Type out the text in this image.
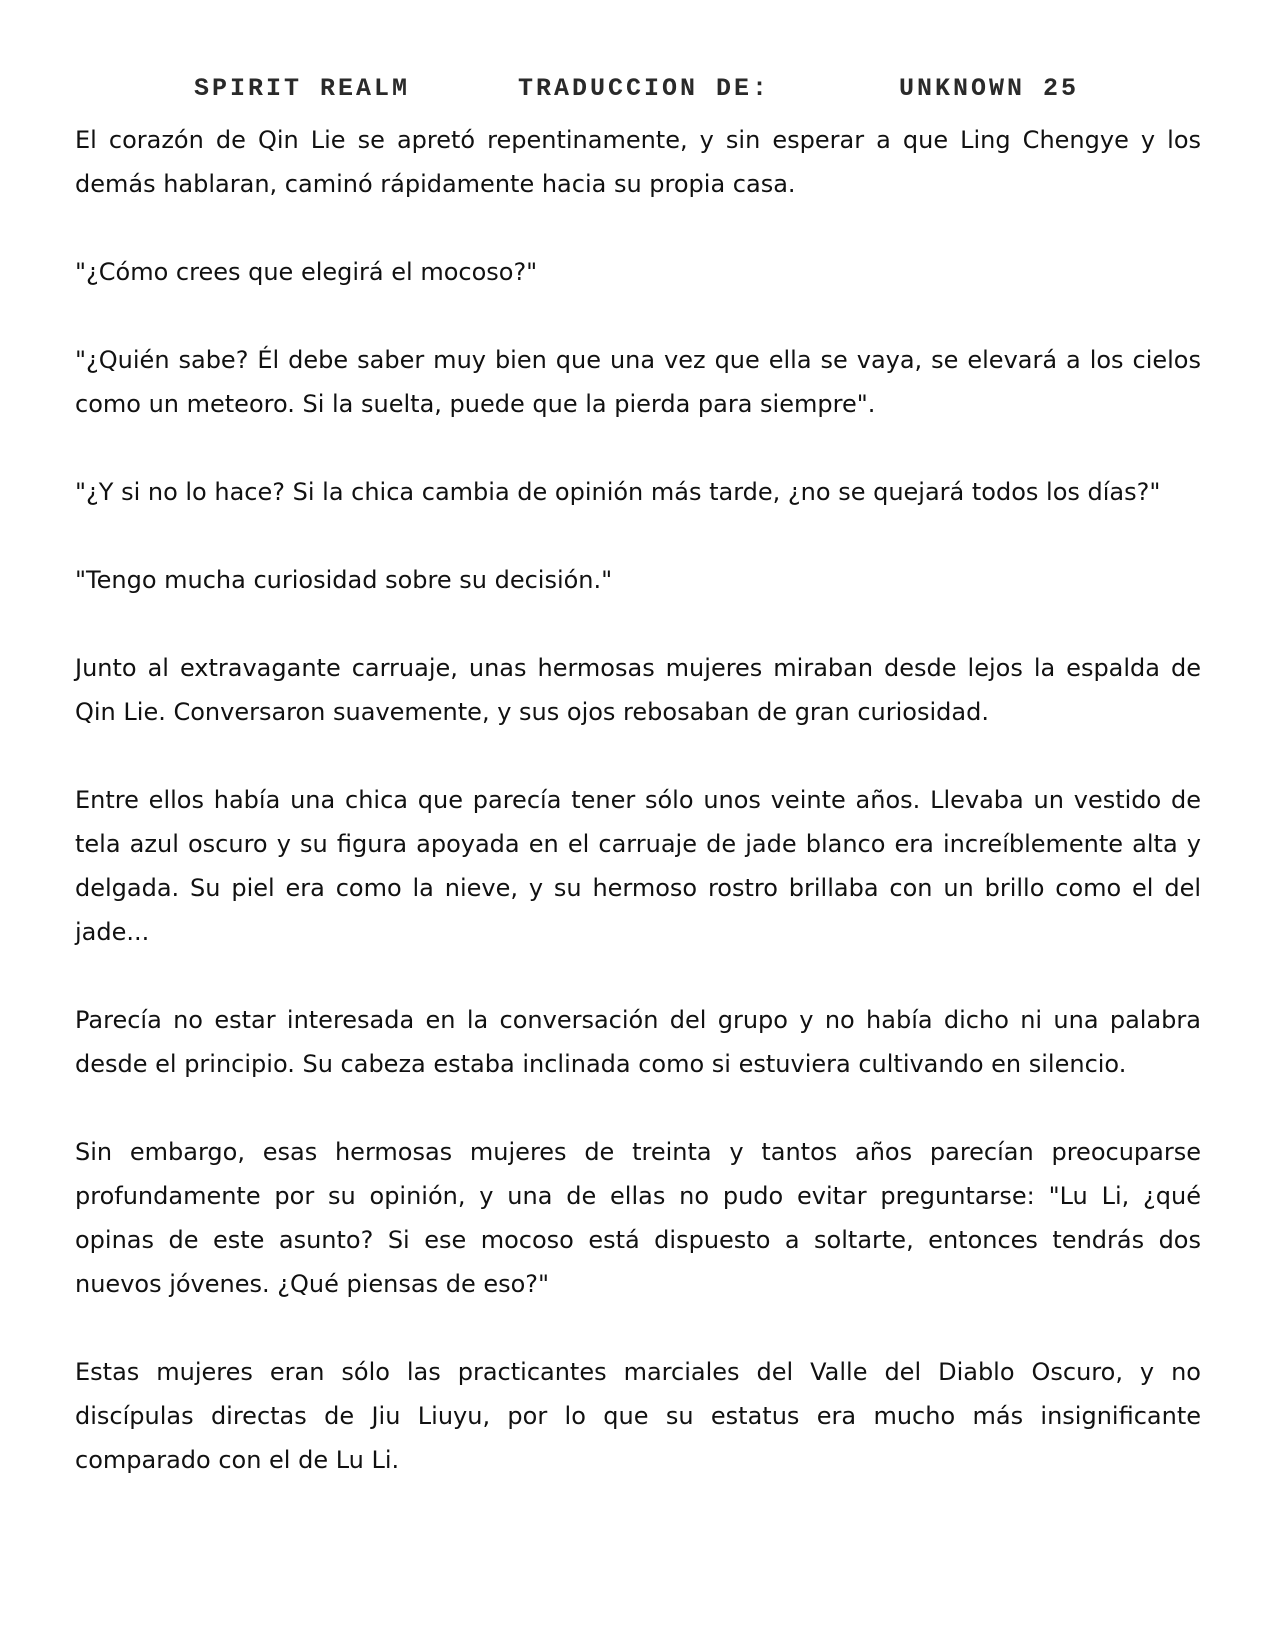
SPIRIT REALM	TRADUCCION DE:	UNKNOWN 25

El corazón de Qin Lie se apretó repentinamente, y sin esperar a que Ling Chengye y los demás hablaran, caminó rápidamente hacia su propia casa.

"¿Cómo crees que elegirá el mocoso?"

"¿Quién sabe? Él debe saber muy bien que una vez que ella se vaya, se elevará a los cielos como un meteoro. Si la suelta, puede que la pierda para siempre".

"¿Y si no lo hace? Si la chica cambia de opinión más tarde, ¿no se quejará todos los días?"

"Tengo mucha curiosidad sobre su decisión."

Junto al extravagante carruaje, unas hermosas mujeres miraban desde lejos la espalda de Qin Lie. Conversaron suavemente, y sus ojos rebosaban de gran curiosidad.

Entre ellos había una chica que parecía tener sólo unos veinte años. Llevaba un vestido de tela azul oscuro y su figura apoyada en el carruaje de jade blanco era increíblemente alta y delgada. Su piel era como la nieve, y su hermoso rostro brillaba con un brillo como el del jade...

Parecía no estar interesada en la conversación del grupo y no había dicho ni una palabra desde el principio. Su cabeza estaba inclinada como si estuviera cultivando en silencio.

Sin embargo, esas hermosas mujeres de treinta y tantos años parecían preocuparse profundamente por su opinión, y una de ellas no pudo evitar preguntarse: "Lu Li, ¿qué opinas de este asunto? Si ese mocoso está dispuesto a soltarte, entonces tendrás dos nuevos jóvenes. ¿Qué piensas de eso?"

Estas mujeres eran sólo las practicantes marciales del Valle del Diablo Oscuro, y no discípulas directas de Jiu Liuyu, por lo que su estatus era mucho más insignificante comparado con el de Lu Li.
